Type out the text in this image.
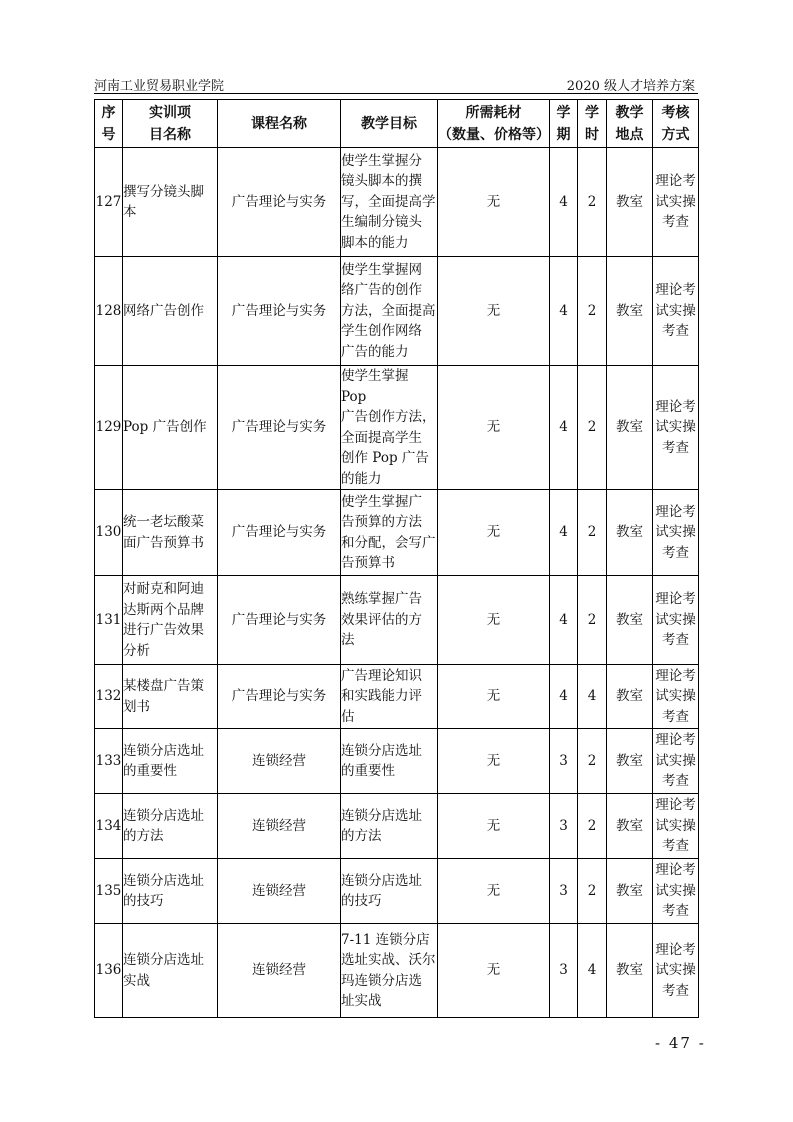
河南工业贸易职业学院	2020 级人才培养方案
序
号	实训项
目名称	课程名称	教学目标	所需耗材
（数量、价格等）	学
期	学
时	教学
地点	考核
方式
127	撰写分镜头脚
本	广告理论与实务	使学生掌握分
镜头脚本的撰
写，全面提高学
生编制分镜头
脚本的能力	无	4	2	教室	理论考
试实操
考查
128	网络广告创作	广告理论与实务	使学生掌握网
络广告的创作
方法，全面提高
学生创作网络
广告的能力	无	4	2	教室	理论考
试实操
考查
129	Pop 广告创作	广告理论与实务	使学生掌握 Pop
广告创作方法，
全面提高学生
创作 Pop 广告
的能力	无	4	2	教室	理论考
试实操
考查
130	统一老坛酸菜
面广告预算书	广告理论与实务	使学生掌握广
告预算的方法
和分配，会写广
告预算书	无	4	2	教室	理论考
试实操
考查
131	对耐克和阿迪
达斯两个品牌
进行广告效果
分析	广告理论与实务	熟练掌握广告
效果评估的方
法	无	4	2	教室	理论考
试实操
考查
132	某楼盘广告策
划书	广告理论与实务	广告理论知识
和实践能力评
估	无	4	4	教室	理论考
试实操
考查
133	连锁分店选址
的重要性	连锁经营	连锁分店选址
的重要性	无	3	2	教室	理论考
试实操
考查
134	连锁分店选址
的方法	连锁经营	连锁分店选址
的方法	无	3	2	教室	理论考
试实操
考查
135	连锁分店选址
的技巧	连锁经营	连锁分店选址
的技巧	无	3	2	教室	理论考
试实操
考查
136	连锁分店选址
实战	连锁经营	7-11 连锁分店
选址实战、沃尔
玛连锁分店选
址实战	无	3	4	教室	理论考
试实操
考查
- 47 -
